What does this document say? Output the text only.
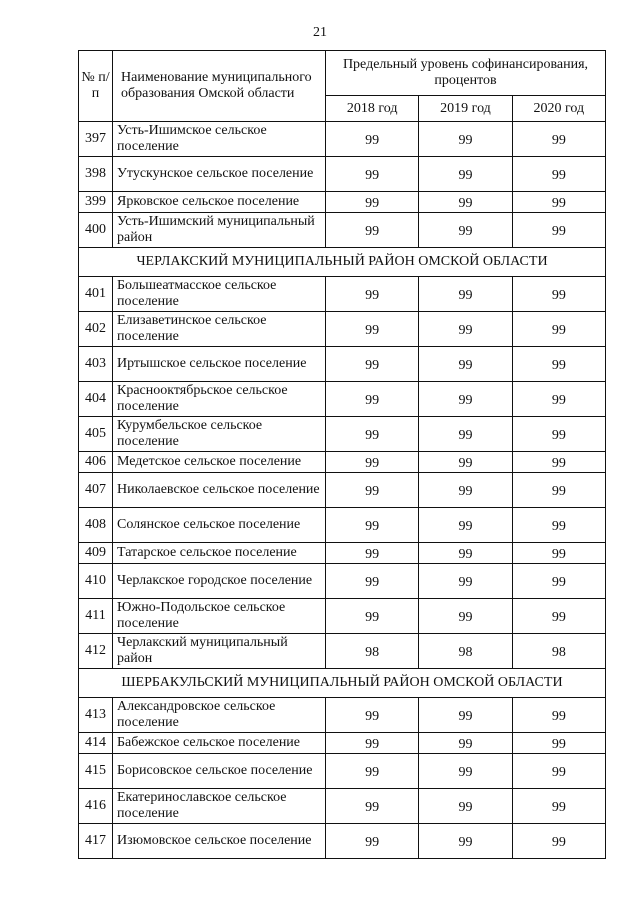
21
№ п/п	Наименование муниципального образования Омской области	Предельный уровень софинансирования, процентов		
		2018 год	2019 год	2020 год
397	Усть-Ишимское сельское поселение	99	99	99
398	Утускунское сельское поселение	99	99	99
399	Ярковское сельское поселение	99	99	99
400	Усть-Ишимский муниципальный район	99	99	99
ЧЕРЛАКСКИЙ МУНИЦИПАЛЬНЫЙ РАЙОН ОМСКОЙ ОБЛАСТИ				
401	Большеатмасское сельское поселение	99	99	99
402	Елизаветинское сельское поселение	99	99	99
403	Иртышское сельское поселение	99	99	99
404	Краснооктябрьское сельское поселение	99	99	99
405	Курумбельское сельское поселение	99	99	99
406	Медетское сельское поселение	99	99	99
407	Николаевское сельское поселение	99	99	99
408	Солянское сельское поселение	99	99	99
409	Татарское сельское поселение	99	99	99
410	Черлакское городское поселение	99	99	99
411	Южно-Подольское сельское поселение	99	99	99
412	Черлакский муниципальный район	98	98	98
ШЕРБАКУЛЬСКИЙ МУНИЦИПАЛЬНЫЙ РАЙОН ОМСКОЙ ОБЛАСТИ				
413	Александровское сельское поселение	99	99	99
414	Бабежское сельское поселение	99	99	99
415	Борисовское сельское поселение	99	99	99
416	Екатеринославское сельское поселение	99	99	99
417	Изюмовское сельское поселение	99	99	99
